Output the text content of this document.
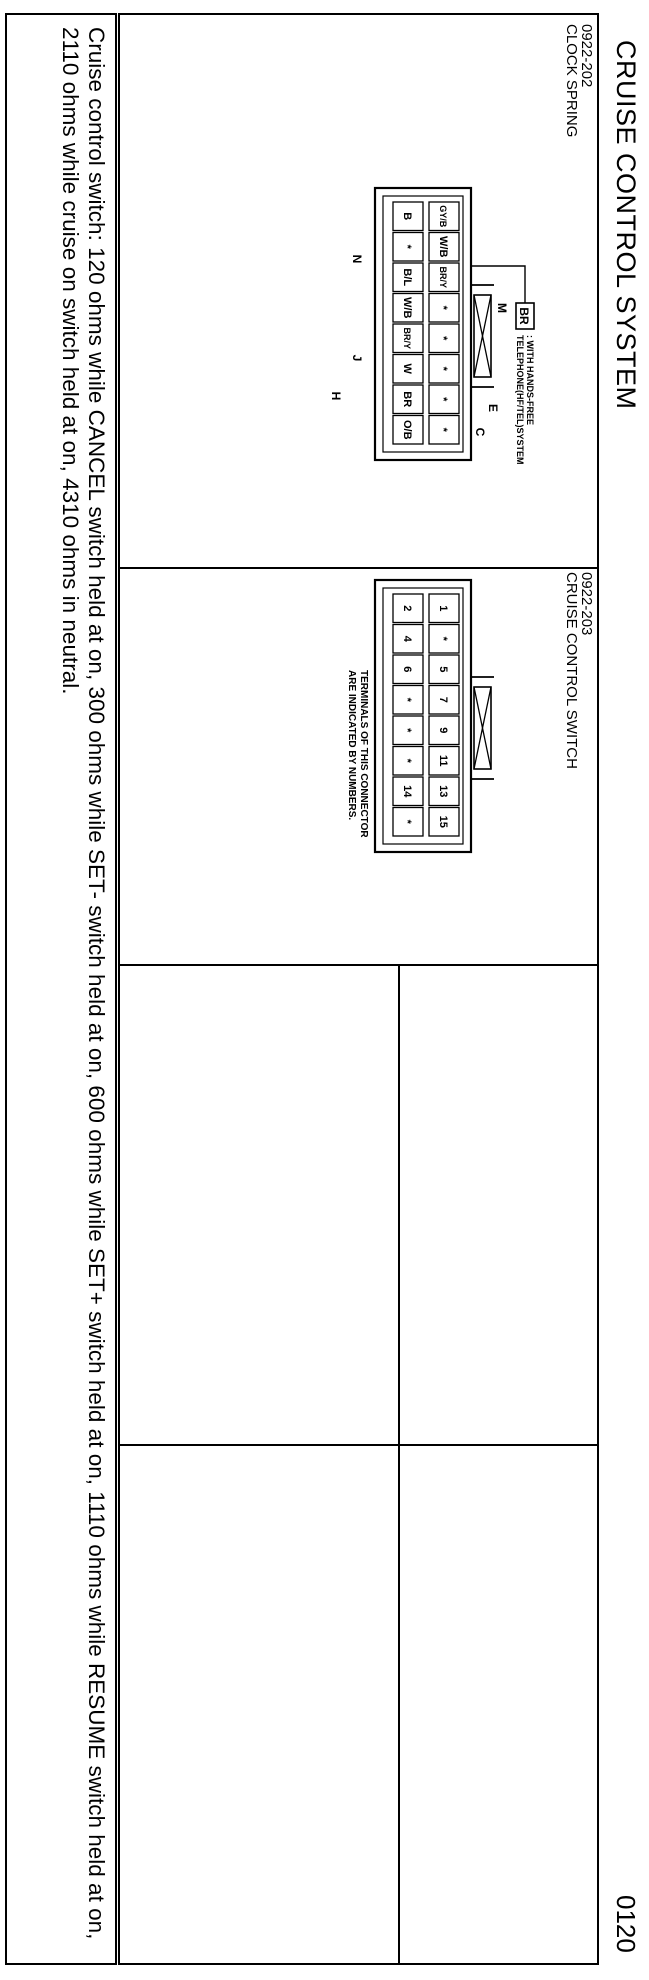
CRUISE CONTROL SYSTEM
0120
0922-202
CLOCK SPRING
BR
: WITH HANDS-FREE
TELEPHONE(HF/TEL)SYSTEM
GY/B
W/B
BR/Y
*
*
*
*
*
B
*
B/L
W/B
BR/Y
W
BR
O/B
M
E
C
N
J
H
0922-203
CRUISE CONTROL SWITCH
1
*
5
7
9
11
13
15
2
4
6
*
*
*
14
*
TERMINALS OF THIS CONNECTOR
ARE INDICATED BY NUMBERS.
Cruise control switch: 120 ohms while CANCEL switch held at on, 300 ohms while SET- switch held at on, 600 ohms while SET+ switch held at on, 1110 ohms while RESUME switch held at on, 2110 ohms while cruise on switch held at on, 4310 ohms in neutral.
